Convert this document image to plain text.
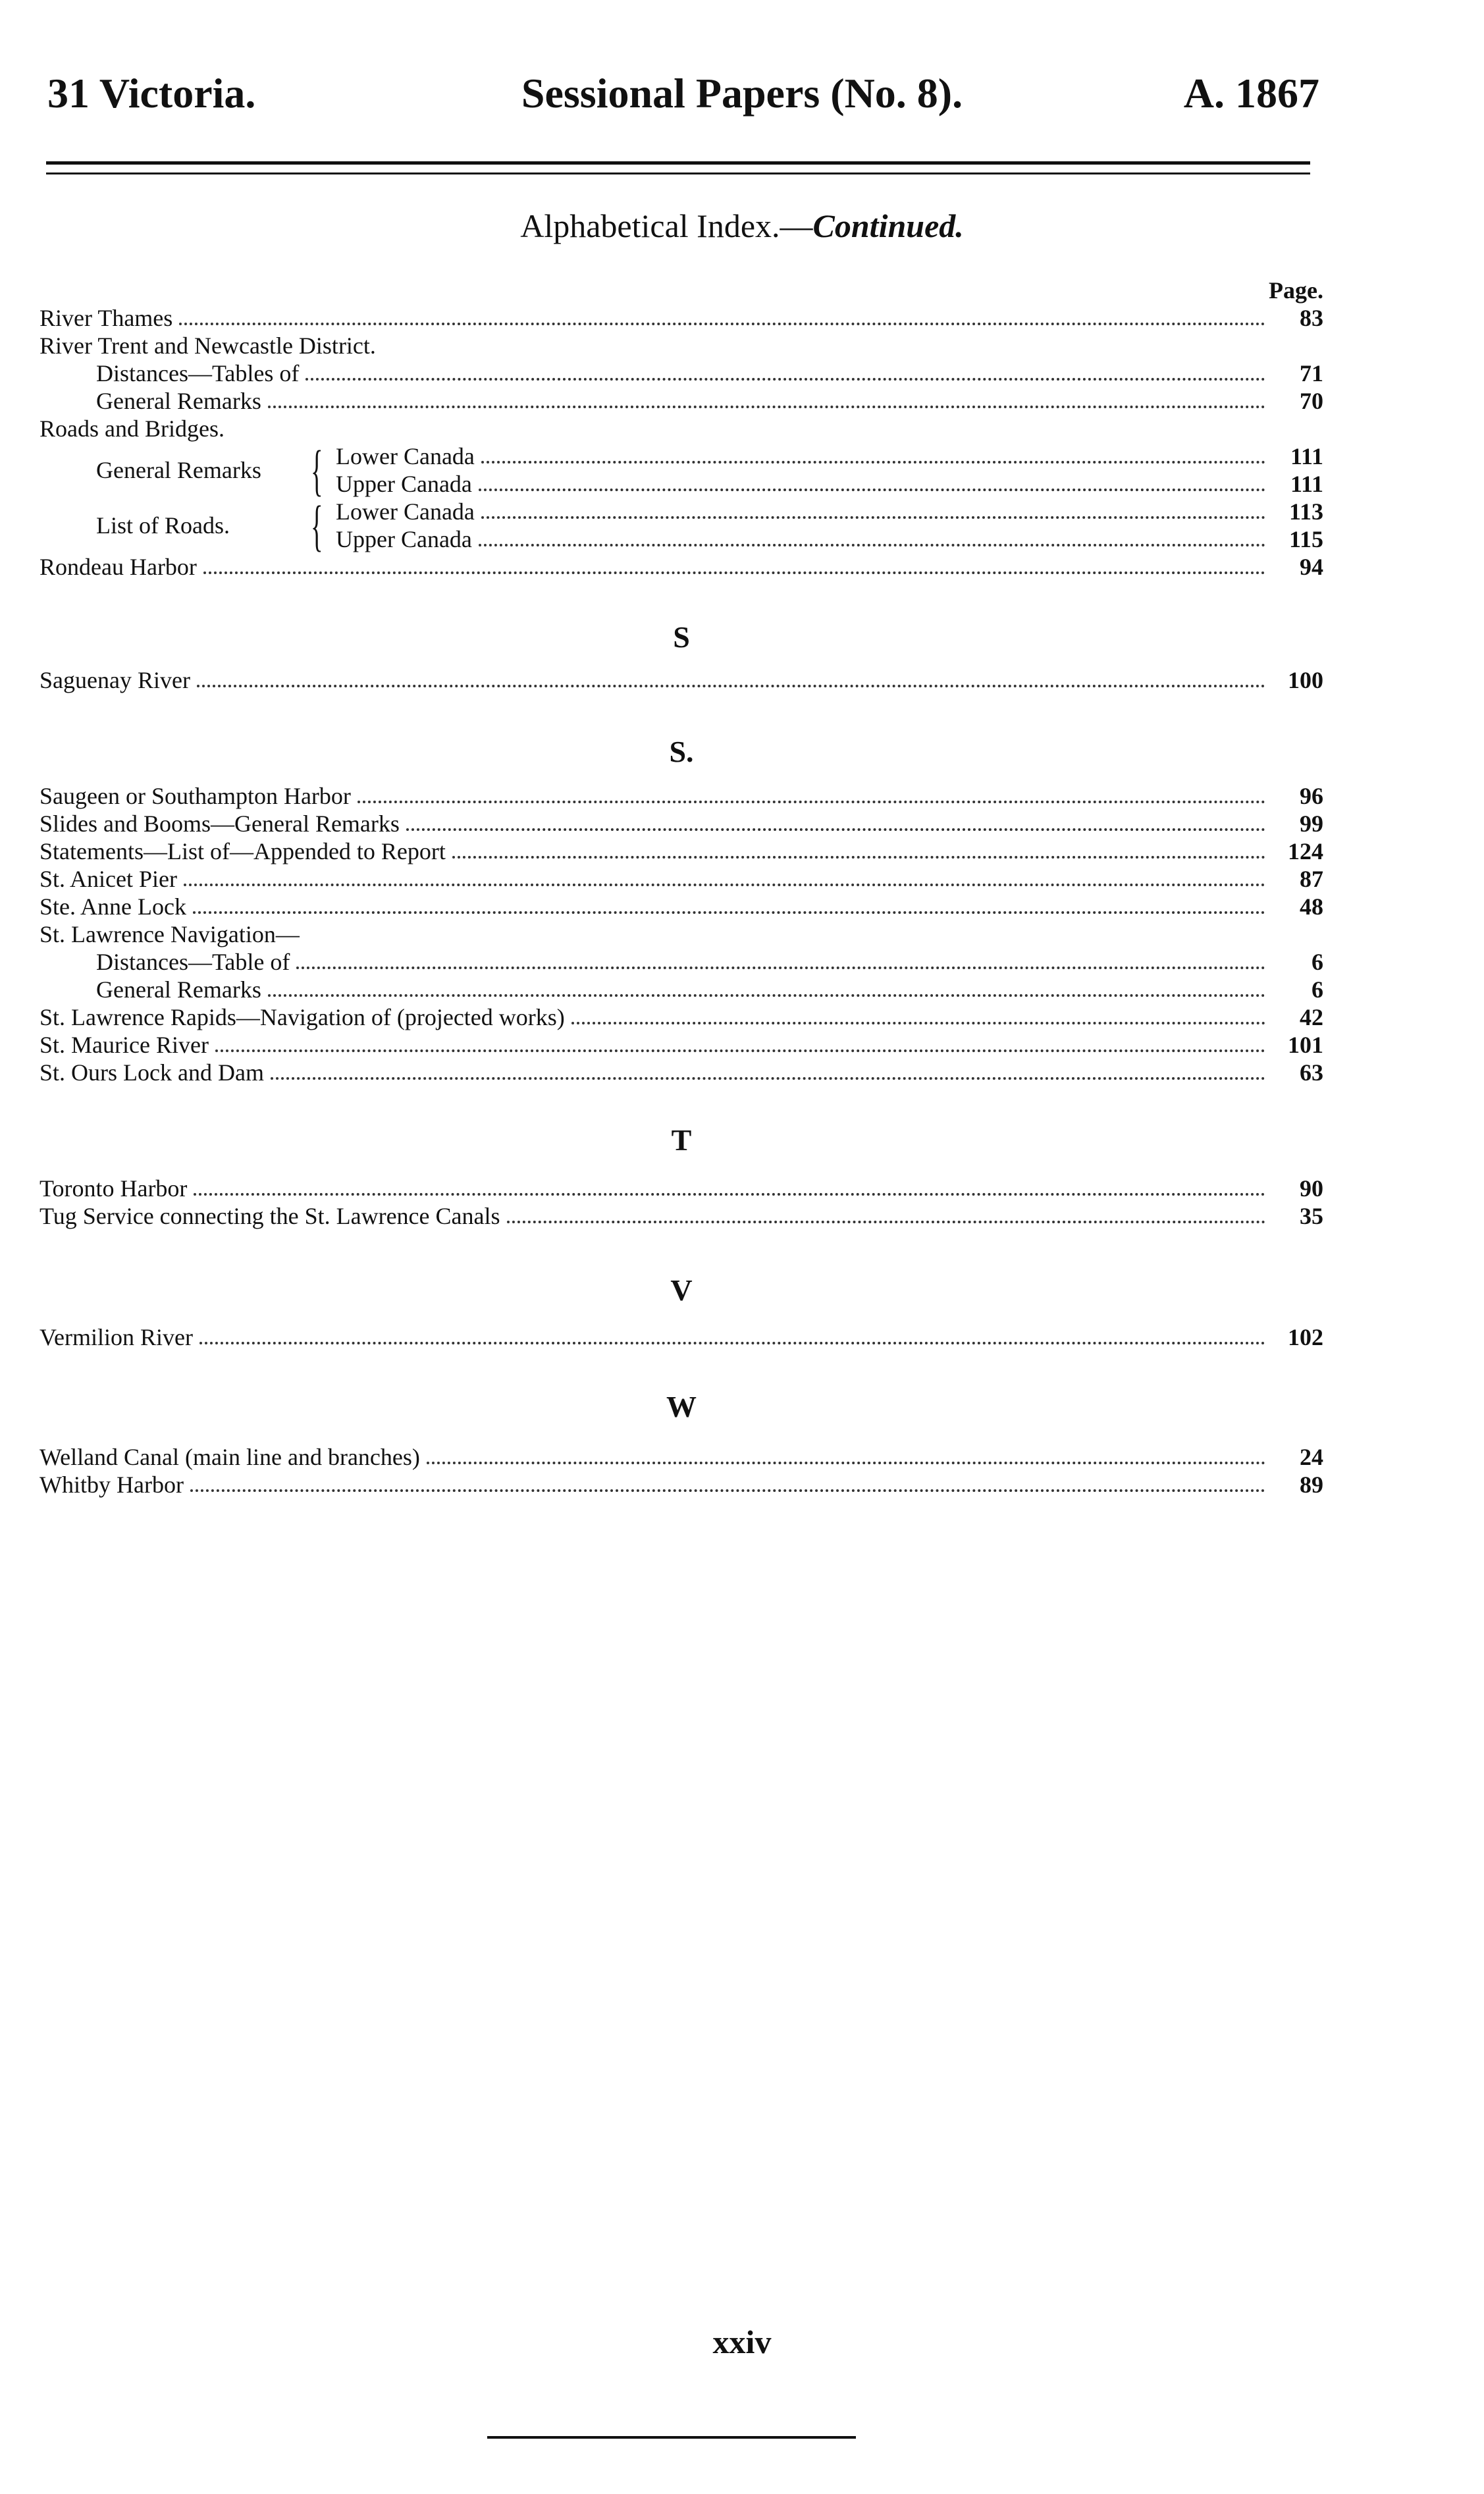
31 Victoria.	Sessional Papers (No. 8).	A. 1867
Alphabetical Index.—Continued.
Page.
River Thames	83
River Trent and Newcastle District.
Distances—Tables of	71
General Remarks	70
Roads and Bridges.
General Remarks { Lower Canada	111
Upper Canada	111
List of Roads.	{ Lower Canada	113
Upper Canada	115
Rondeau Harbor	94
S
Saguenay River	100
S.
Saugeen or Southampton Harbor	96
Slides and Booms—General Remarks	99
Statements—List of—Appended to Report	124
St. Anicet Pier	87
Ste. Anne Lock	48
St. Lawrence Navigation—
Distances—Table of	6
General Remarks	6
St. Lawrence Rapids—Navigation of (projected works)	42
St. Maurice River	101
St. Ours Lock and Dam	63
T
Toronto Harbor	90
Tug Service connecting the St. Lawrence Canals	35
V
Vermilion River	102
W
Welland Canal (main line and branches)	24
Whitby Harbor	89
xxiv
